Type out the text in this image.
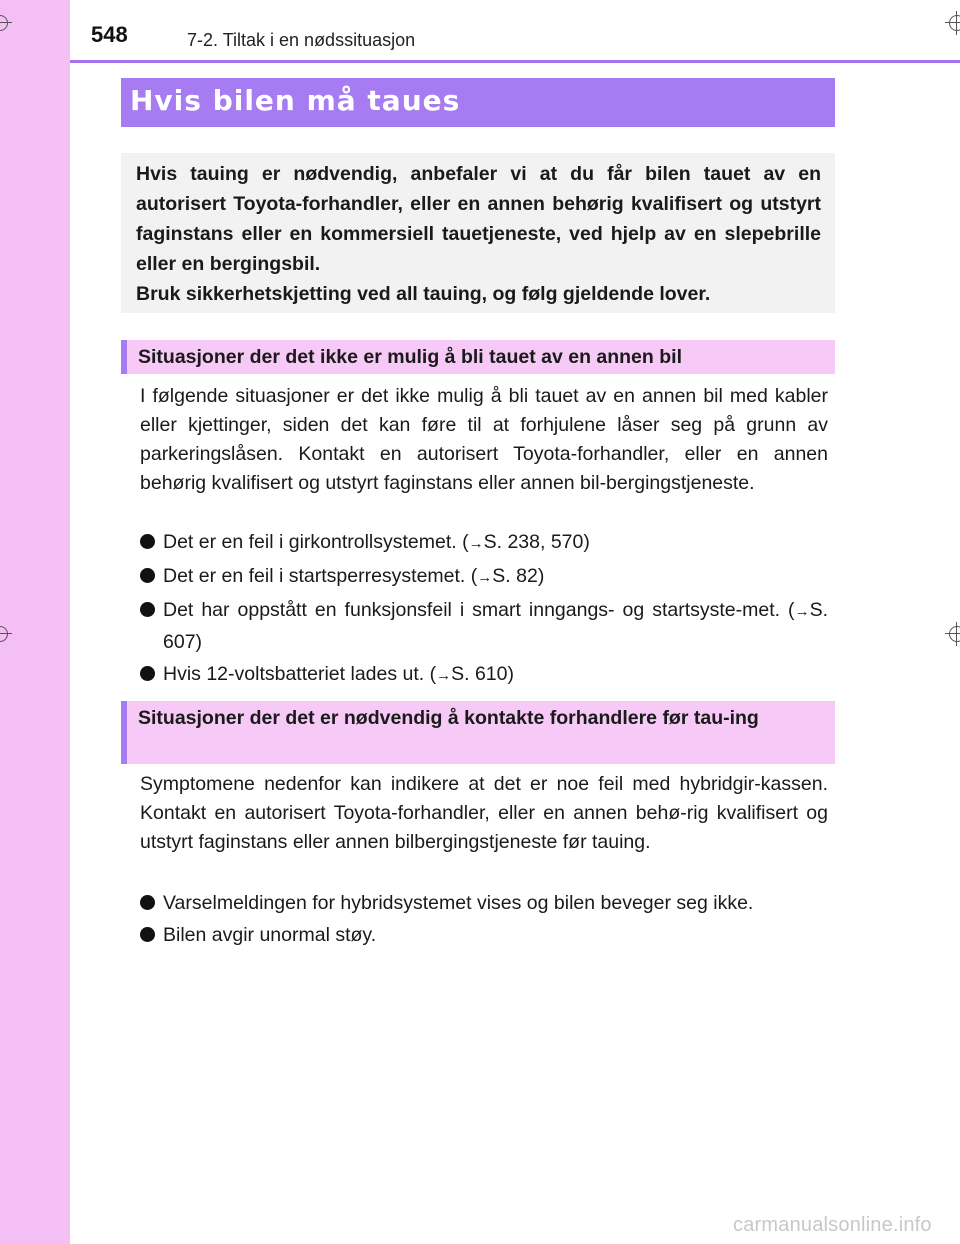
548	7-2. Tiltak i en nødssituasjon
Hvis bilen må taues

Hvis tauing er nødvendig, anbefaler vi at du får bilen tauet av en autorisert Toyota-forhandler, eller en annen behørig kvalifisert og utstyrt faginstans eller en kommersiell tauetjeneste, ved hjelp av en slepebrille eller en bergingsbil.
Bruk sikkerhetskjetting ved all tauing, og følg gjeldende lover.

Situasjoner der det ikke er mulig å bli tauet av en annen bil
I følgende situasjoner er det ikke mulig å bli tauet av en annen bil med kabler eller kjettinger, siden det kan føre til at forhjulene låser seg på grunn av parkeringslåsen. Kontakt en autorisert Toyota-forhandler, eller en annen behørig kvalifisert og utstyrt faginstans eller annen bil-bergingstjeneste.
Det er en feil i girkontrollsystemet. (→S. 238, 570)
Det er en feil i startsperresystemet. (→S. 82)
Det har oppstått en funksjonsfeil i smart inngangs- og startsyste-met. (→S. 607)
Hvis 12-voltsbatteriet lades ut. (→S. 610)
Situasjoner der det er nødvendig å kontakte forhandlere før tau-ing
Symptomene nedenfor kan indikere at det er noe feil med hybridgir-kassen. Kontakt en autorisert Toyota-forhandler, eller en annen behø-rig kvalifisert og utstyrt faginstans eller annen bilbergingstjeneste før tauing.
Varselmeldingen for hybridsystemet vises og bilen beveger seg ikke.
Bilen avgir unormal støy.
carmanualsonline.info
